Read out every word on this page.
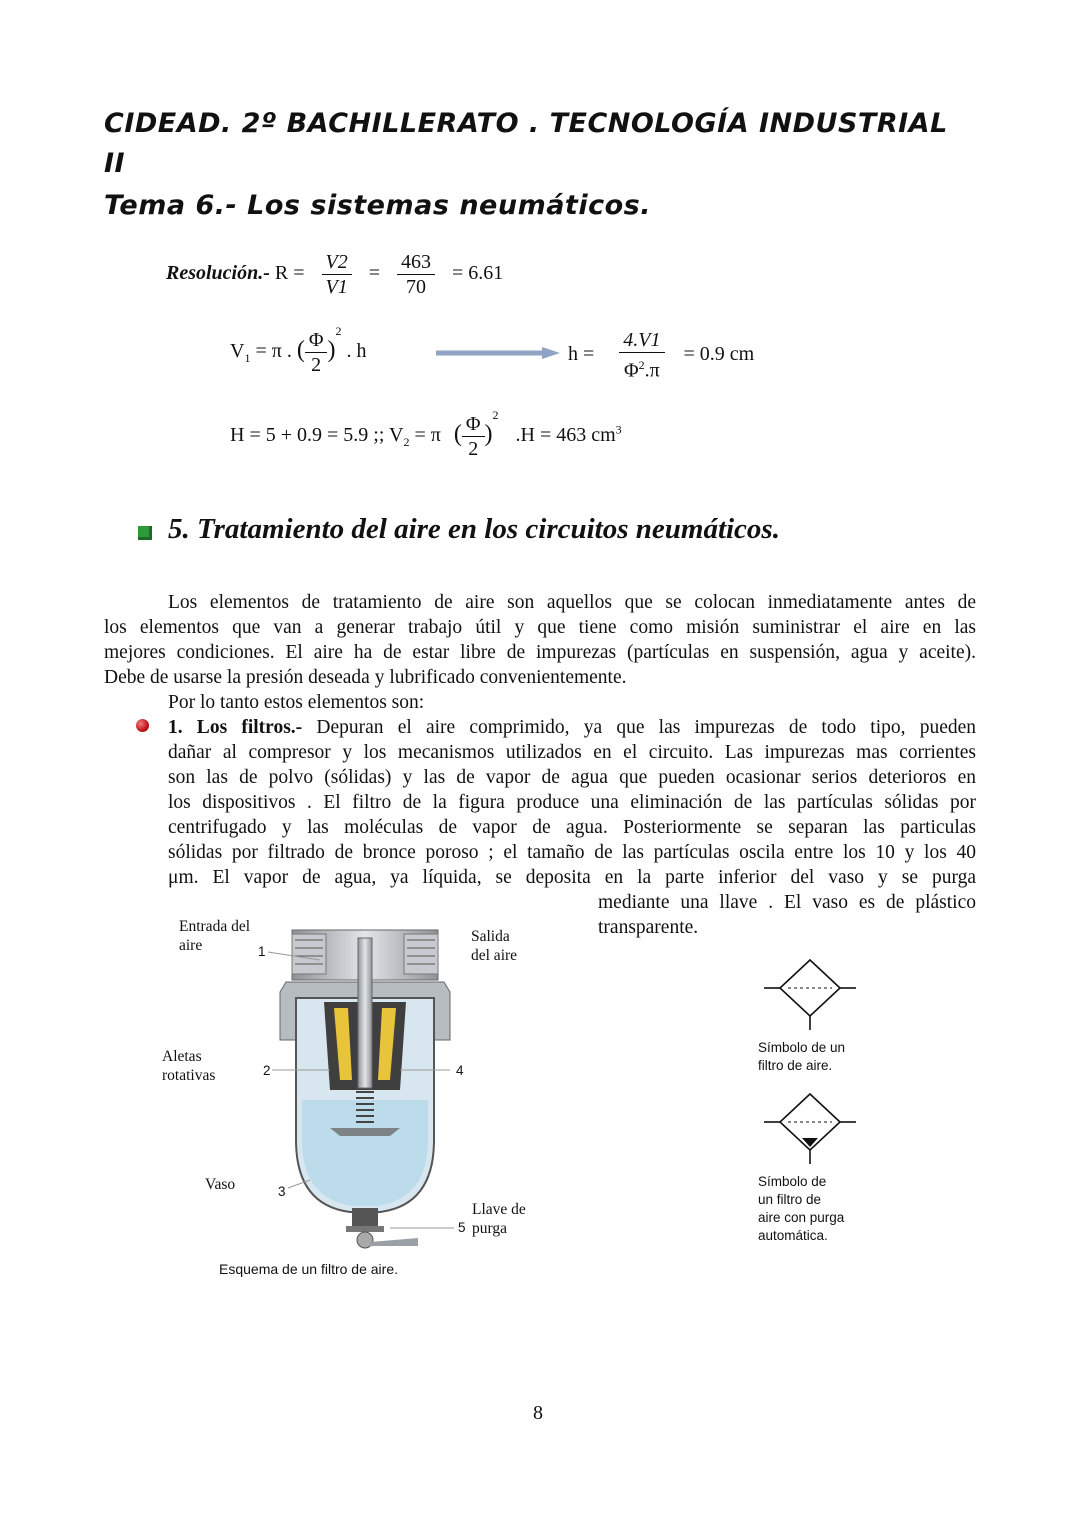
CIDEAD. 2º BACHILLERATO . TECNOLOGÍA INDUSTRIAL
II
Tema 6.- Los sistemas neumáticos.
Resolución.- $R = \frac{V2}{V1} = \frac{463}{70} = 6.61$
$V_1 = \pi$ . ( $\frac{\Phi}{2} )^2$ . h	$h = \frac{4.V1}{\Phi^2.\pi} = 0.9$ cm
H = 5 + 0.9 = 5.9 ;; $V_2 = \pi$ ( $\frac{\Phi}{2} )^2$ .H = 463 $cm^3$
5. Tratamiento del aire en los circuitos neumáticos.
Los elementos de tratamiento de aire son aquellos que se colocan inmediatamente antes de
los elementos que van a generar trabajo útil y que tiene como misión suministrar el aire en las
mejores condiciones. El aire ha de estar libre de impurezas (partículas en suspensión, agua y aceite).
Debe de usarse la presión deseada y lubrificado convenientemente.
Por lo tanto estos elementos son:
1. Los filtros.- Depuran el aire comprimido, ya que las impurezas de todo tipo, pueden
dañar al compresor y los mecanismos utilizados en el circuito. Las impurezas mas corrientes
son las de polvo (sólidas) y las de vapor de agua que pueden ocasionar serios deterioros en
los dispositivos . El filtro de la figura produce una eliminación de las partículas sólidas por
centrifugado y las moléculas de vapor de agua. Posteriormente se separan las particulas
sólidas por filtrado de bronce poroso ; el tamaño de las partículas oscila entre los 10 y los 40
μm. El vapor de agua, ya líquida, se deposita en la parte inferior del vaso y se purga
mediante una llave . El vaso es de plástico
transparente.
Entrada del
aire	1
Salida
del aire
Aletas
rotativas	2	4
Vaso	3
Llave de
purga
5
Esquema de un filtro de aire.
Símbolo de un
filtro de aire.
Símbolo de
un filtro de
aire con purga
automática.
8
